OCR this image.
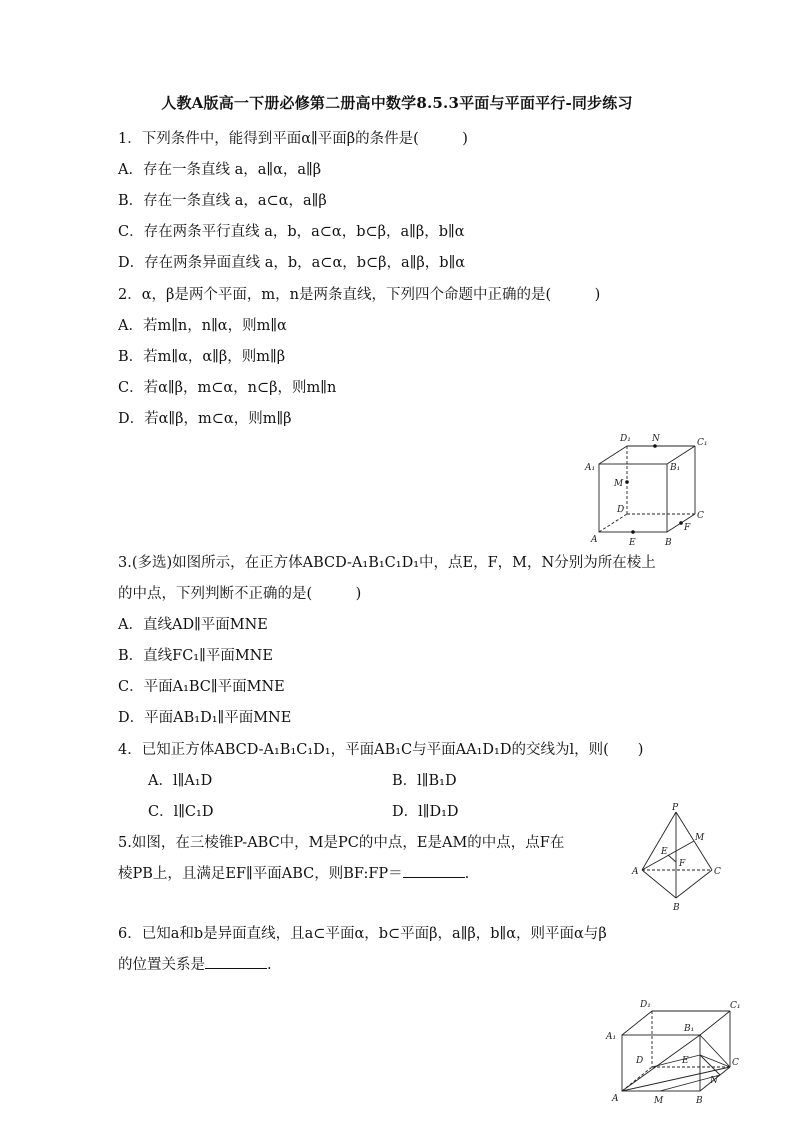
人教A版高一下册必修第二册高中数学8.5.3平面与平面平行-同步练习
1．下列条件中，能得到平面α∥平面β的条件是(　　　)
A．存在一条直线 a，a∥α，a∥β
B．存在一条直线 a，a⊂α，a∥β
C．存在两条平行直线 a，b，a⊂α，b⊂β，a∥β，b∥α
D．存在两条异面直线 a，b，a⊂α，b⊂β，a∥β，b∥α
2．α，β是两个平面，m，n是两条直线，下列四个命题中正确的是(　　　)
A．若m∥n，n∥α，则m∥α
B．若m∥α，α∥β，则m∥β
C．若α∥β，m⊂α，n⊂β，则m∥n
D．若α∥β，m⊂α，则m∥β
D₁ N	C₁
A₁	B₁
M
D
C
F
A	E	B
3.(多选)如图所示，在正方体ABCD-A₁B₁C₁D₁中，点E，F，M，N分别为所在棱上
的中点，下列判断不正确的是(　　　)
A．直线AD∥平面MNE
B．直线FC₁∥平面MNE
C．平面A₁BC∥平面MNE
D．平面AB₁D₁∥平面MNE
4．已知正方体ABCD-A₁B₁C₁D₁，平面AB₁C与平面AA₁D₁D的交线为l，则(　　)
A．l∥A₁D	B．l∥B₁D
C．l∥C₁D	D．l∥D₁D	P
M
E
F
A	C
B
5.如图，在三棱锥P-ABC中，M是PC的中点，E是AM的中点，点F在
棱PB上，且满足EF∥平面ABC，则BF:FP＝	.
6．已知a和b是异面直线，且a⊂平面α，b⊂平面β，a∥β，b∥α，则平面α与β
的位置关系是	.
D₁	C₁
A₁
B₁
D	E	C
N
A	M	B
